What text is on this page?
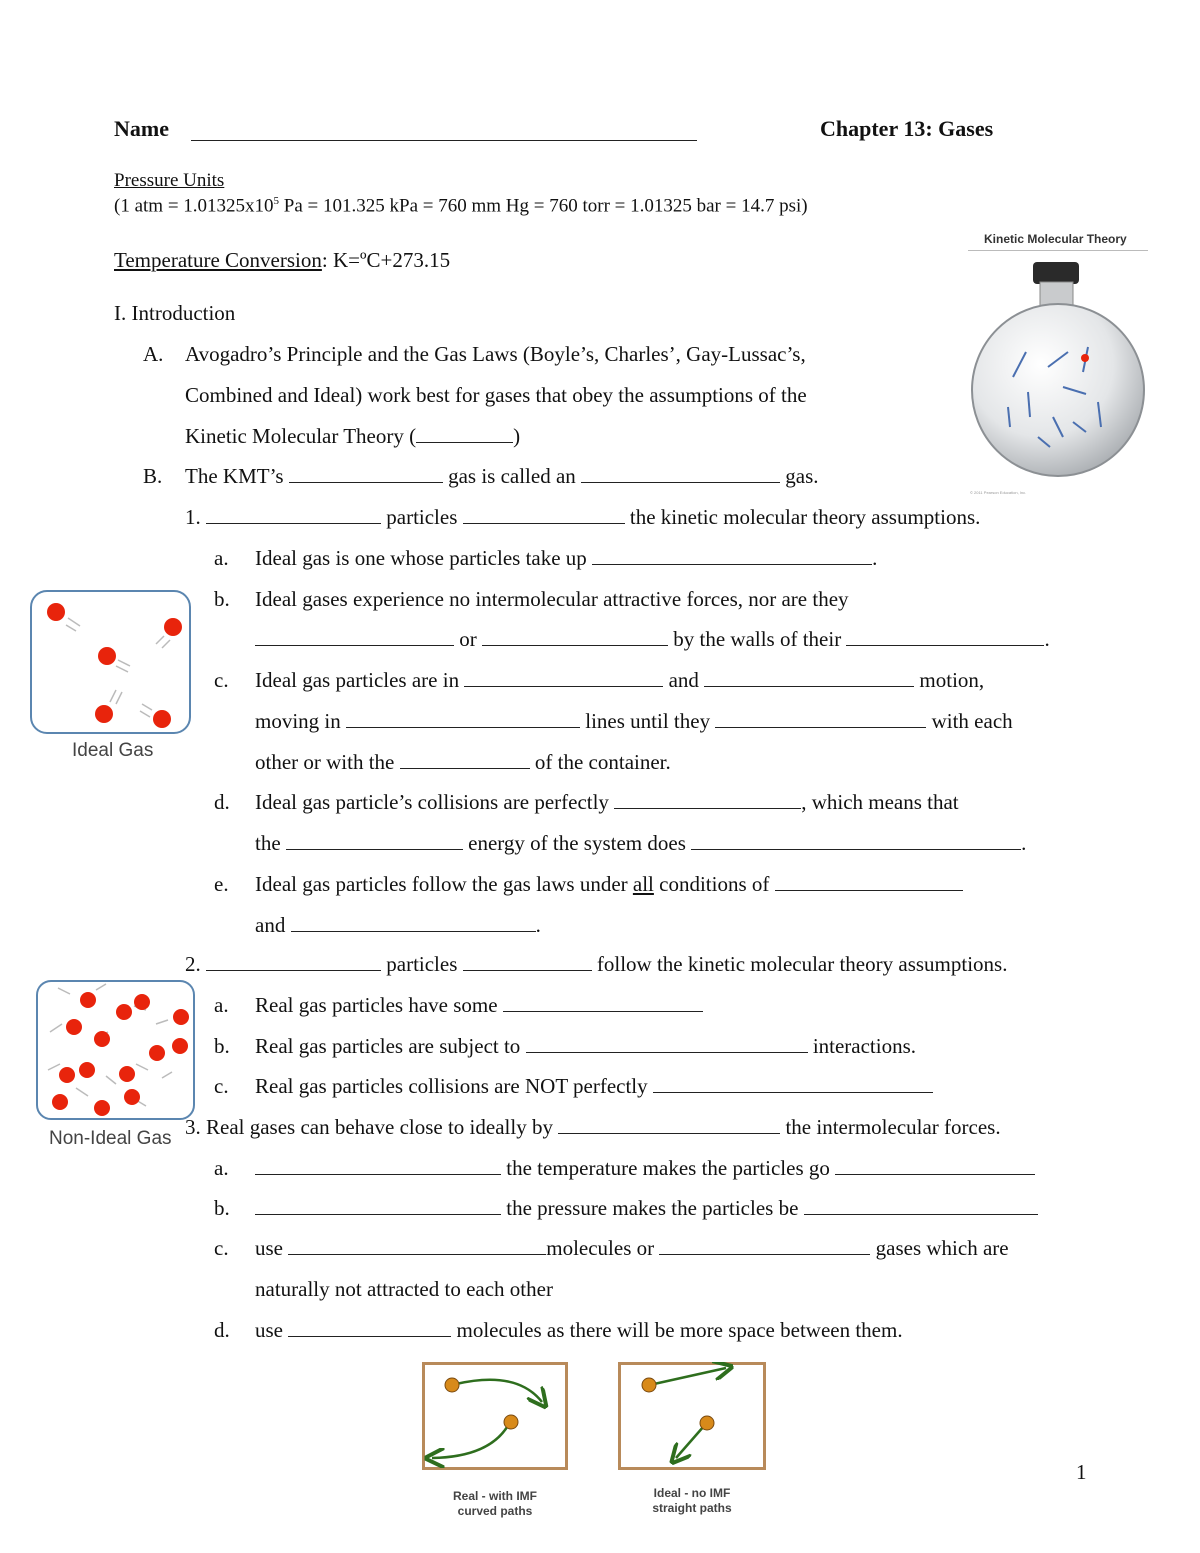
Name	Chapter 13: Gases
Pressure Units
(1 atm = $1.01325x10^5$ Pa = 101.325 kPa = 760 mm Hg = 760 torr = 1.01325 bar = 14.7 psi)
Temperature Conversion: K=ºC+273.15
I. Introduction
A. Avogadro’s Principle and the Gas Laws (Boyle’s, Charles’, Gay-Lussac’s,
Combined and Ideal) work best for gases that obey the assumptions of the
Kinetic Molecular Theory (	)
B. The KMT’s	gas is called an	gas.
1.	particles	the kinetic molecular theory assumptions.
a. Ideal gas is one whose particles take up	.
b. Ideal gases experience no intermolecular attractive forces, nor are they
or	by the walls of their	.
c. Ideal gas particles are in	and	motion,
moving in	lines until they	with each
other or with the	of the container.
d. Ideal gas particle’s collisions are perfectly	, which means that
the	energy of the system does	.
e. Ideal gas particles follow the gas laws under all conditions of
and	.
2.	particles	follow the kinetic molecular theory assumptions.
a. Real gas particles have some
b. Real gas particles are subject to	interactions.
c. Real gas particles collisions are NOT perfectly
3. Real gases can behave close to ideally by	the intermolecular forces.
a.	the temperature makes the particles go
b.	the pressure makes the particles be
c. use	molecules or	gases which are
naturally not attracted to each other
d. use	molecules as there will be more space between them.
Kinetic Molecular Theory
© 2011 Pearson Education, Inc.
Ideal Gas
Non-Ideal Gas
Real - with IMF
curved paths
Ideal - no IMF
straight paths
1
